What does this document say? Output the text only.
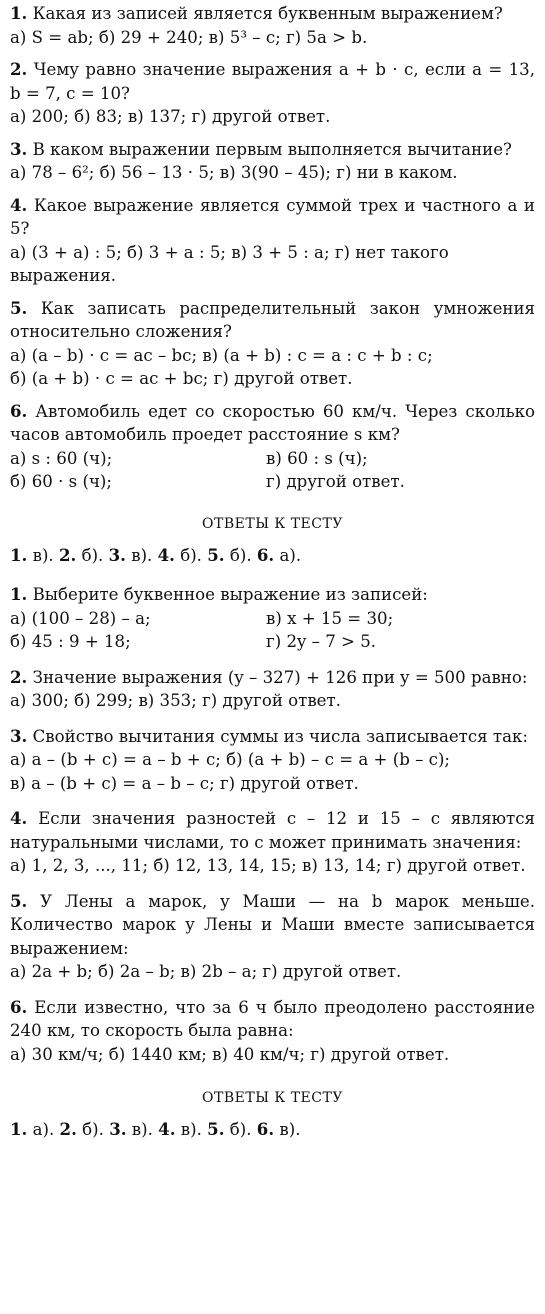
1. Какая из записей является буквенным выражением?

а) S = ab; б) 29 + 240; в) 5³ – c; г) 5a > b.

2. Чему равно значение выражения a + b · c, если a = 13, b = 7, c = 10?

а) 200; б) 83; в) 137; г) другой ответ.

3. В каком выражении первым выполняется вычитание?

а) 78 – 6²; б) 56 – 13 · 5; в) 3(90 – 45); г) ни в каком.

4. Какое выражение является суммой трех и частного a и 5?

а) (3 + a) : 5; б) 3 + a : 5; в) 3 + 5 : a; г) нет такого выражения.

5. Как записать распределительный закон умножения относительно сложения?

а) (a – b) · c = ac – bc; в) (a + b) : c = a : c + b : c;

б) (a + b) · c = ac + bc; г) другой ответ.

6. Автомобиль едет со скоростью 60 км/ч. Через сколько часов автомобиль проедет расстояние s км?

а) s : 60 (ч);	в) 60 : s (ч);
б) 60 · s (ч);	г) другой ответ.

ОТВЕТЫ К ТЕСТУ

1. в). 2. б). 3. в). 4. б). 5. б). 6. а).

1. Выберите буквенное выражение из записей:

а) (100 – 28) – a;	в) x + 15 = 30;
б) 45 : 9 + 18;	г) 2y – 7 > 5.

2. Значение выражения (y – 327) + 126 при y = 500 равно:

а) 300; б) 299; в) 353; г) другой ответ.

3. Свойство вычитания суммы из числа записывается так:

а) a – (b + c) = a – b + c; б) (a + b) – c = a + (b – c);

в) a – (b + c) = a – b – c; г) другой ответ.

4. Если значения разностей c – 12 и 15 – c являются натуральными числами, то c может принимать значения:

а) 1, 2, 3, ..., 11; б) 12, 13, 14, 15; в) 13, 14; г) другой ответ.

5. У Лены a марок, у Маши — на b марок меньше. Количество марок у Лены и Маши вместе записывается выражением:

а) 2a + b; б) 2a – b; в) 2b – a; г) другой ответ.

6. Если известно, что за 6 ч было преодолено расстояние 240 км, то скорость была равна:

а) 30 км/ч; б) 1440 км; в) 40 км/ч; г) другой ответ.

ОТВЕТЫ К ТЕСТУ

1. а). 2. б). 3. в). 4. в). 5. б). 6. в).
